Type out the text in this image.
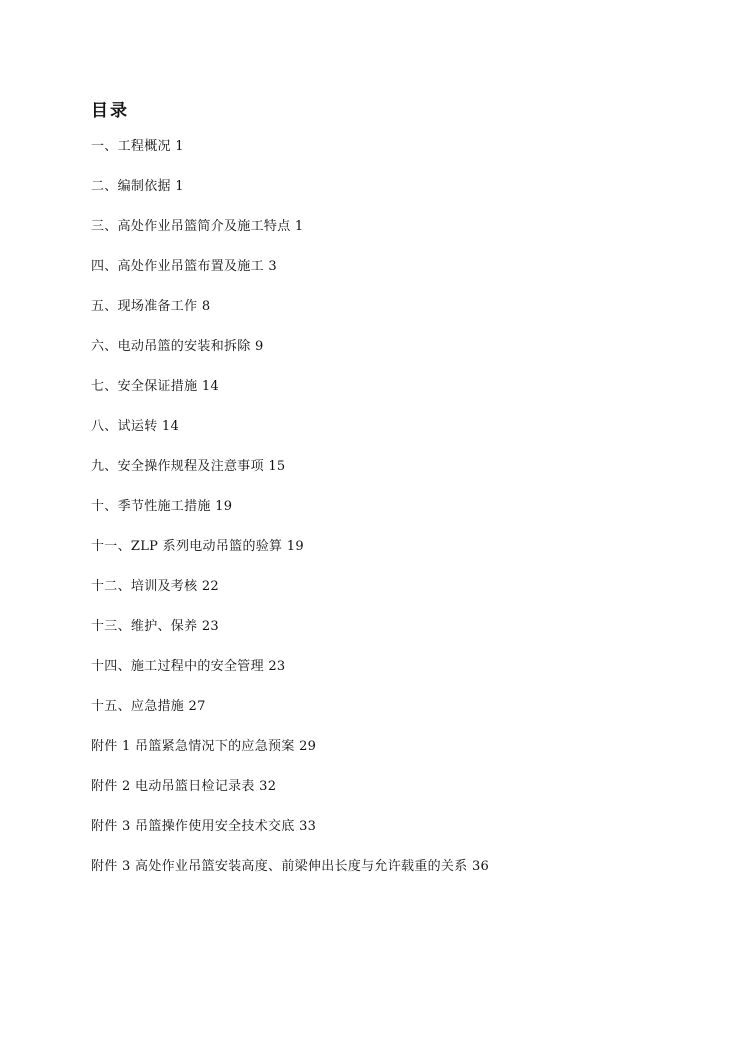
目录
一、工程概况 1
二、编制依据 1
三、高处作业吊篮简介及施工特点 1
四、高处作业吊篮布置及施工 3
五、现场准备工作 8
六、电动吊篮的安装和拆除 9
七、安全保证措施 14
八、试运转 14
九、安全操作规程及注意事项 15
十、季节性施工措施 19
十一、ZLP 系列电动吊篮的验算 19
十二、培训及考核 22
十三、维护、保养 23
十四、施工过程中的安全管理 23
十五、应急措施 27
附件 1 吊篮紧急情况下的应急预案 29
附件 2 电动吊篮日检记录表 32
附件 3 吊篮操作使用安全技术交底 33
附件 3 高处作业吊篮安装高度、前梁伸出长度与允许载重的关系 36
